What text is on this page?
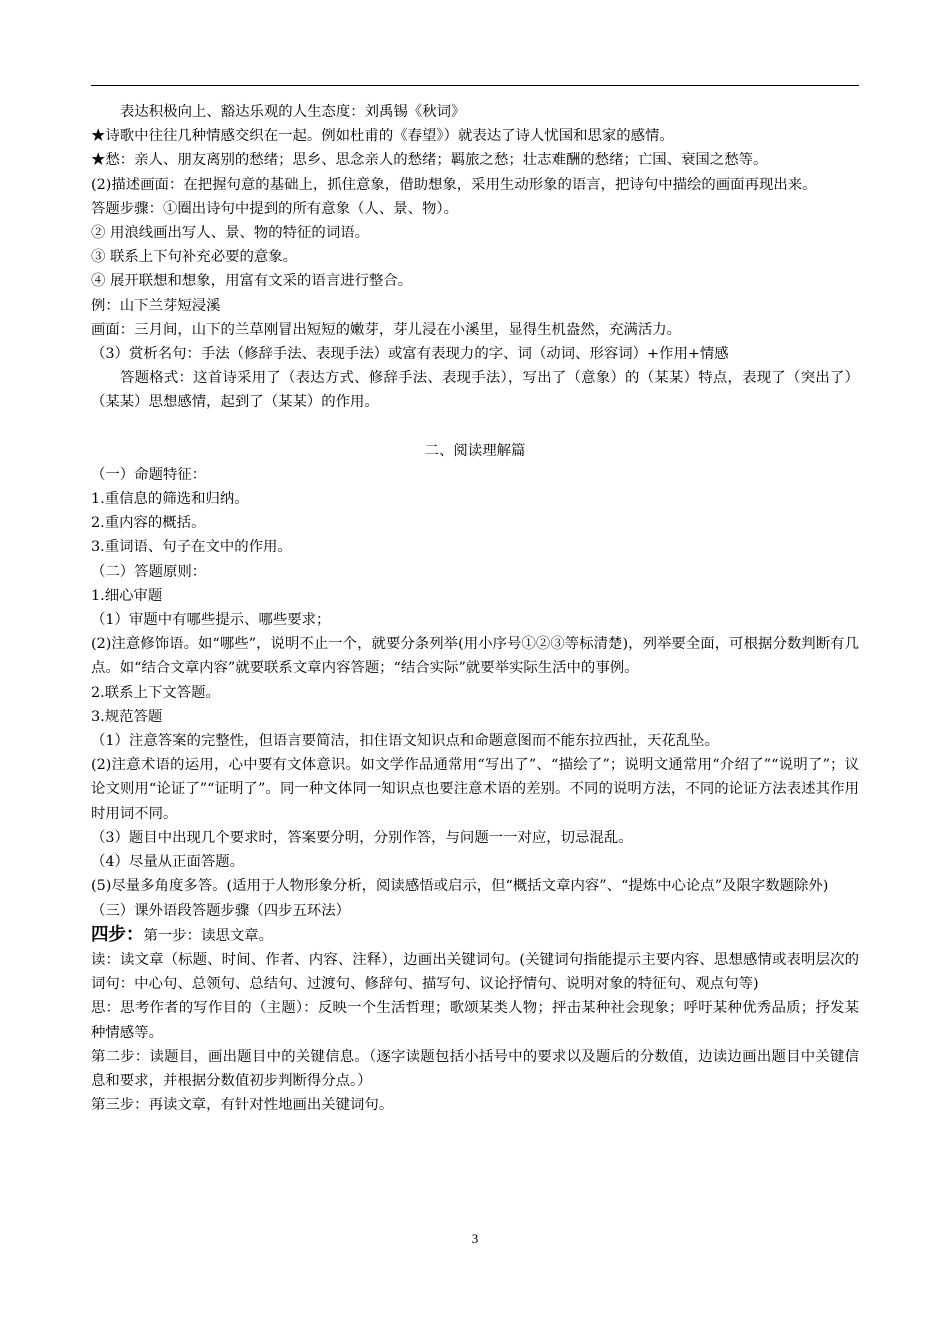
表达积极向上、豁达乐观的人生态度：刘禹锡《秋词》

★诗歌中往往几种情感交织在一起。例如杜甫的《春望》）就表达了诗人忧国和思家的感情。

★愁：亲人、朋友离别的愁绪；思乡、思念亲人的愁绪；羁旅之愁；壮志难酬的愁绪；亡国、衰国之愁等。

(2)描述画面：在把握句意的基础上，抓住意象，借助想象，采用生动形象的语言，把诗句中描绘的画面再现出来。

答题步骤：①圈出诗句中提到的所有意象（人、景、物）。

② 用浪线画出写人、景、物的特征的词语。

③ 联系上下句补充必要的意象。

④ 展开联想和想象，用富有文采的语言进行整合。

例：山下兰芽短浸溪

画面：三月间，山下的兰草刚冒出短短的嫩芽，芽儿浸在小溪里，显得生机盎然，充满活力。

（3）赏析名句：手法（修辞手法、表现手法）或富有表现力的字、词（动词、形容词）+作用+情感

答题格式：这首诗采用了（表达方式、修辞手法、表现手法），写出了（意象）的（某某）特点，表现了（突出了）（某某）思想感情，起到了（某某）的作用。

二、阅读理解篇

（一）命题特征：

1.重信息的筛选和归纳。

2.重内容的概括。

3.重词语、句子在文中的作用。

（二）答题原则：

1.细心审题

（1）审题中有哪些提示、哪些要求；

(2)注意修饰语。如“哪些”，说明不止一个，就要分条列举(用小序号①②③等标清楚)，列举要全面，可根据分数判断有几点。如“结合文章内容”就要联系文章内容答题；“结合实际”就要举实际生活中的事例。

2.联系上下文答题。

3.规范答题

（1）注意答案的完整性，但语言要简洁，扣住语文知识点和命题意图而不能东拉西扯，天花乱坠。

(2)注意术语的运用，心中要有文体意识。如文学作品通常用“写出了”、“描绘了”；说明文通常用“介绍了”“说明了”；议论文则用“论证了”“证明了”。同一种文体同一知识点也要注意术语的差别。不同的说明方法，不同的论证方法表述其作用时用词不同。

（3）题目中出现几个要求时，答案要分明，分别作答，与问题一一对应，切忌混乱。

（4）尽量从正面答题。

(5)尽量多角度多答。(适用于人物形象分析，阅读感悟或启示，但“概括文章内容”、“提炼中心论点”及限字数题除外)

（三）课外语段答题步骤（四步五环法）

四步：第一步：读思文章。

读：读文章（标题、时间、作者、内容、注释），边画出关键词句。(关键词句指能提示主要内容、思想感情或表明层次的词句：中心句、总领句、总结句、过渡句、修辞句、描写句、议论抒情句、说明对象的特征句、观点句等)

思：思考作者的写作目的（主题）：反映一个生活哲理；歌颂某类人物；抨击某种社会现象；呼吁某种优秀品质；抒发某种情感等。

第二步：读题目，画出题目中的关键信息。（逐字读题包括小括号中的要求以及题后的分数值，边读边画出题目中关键信息和要求，并根据分数值初步判断得分点。）

第三步：再读文章，有针对性地画出关键词句。

3
